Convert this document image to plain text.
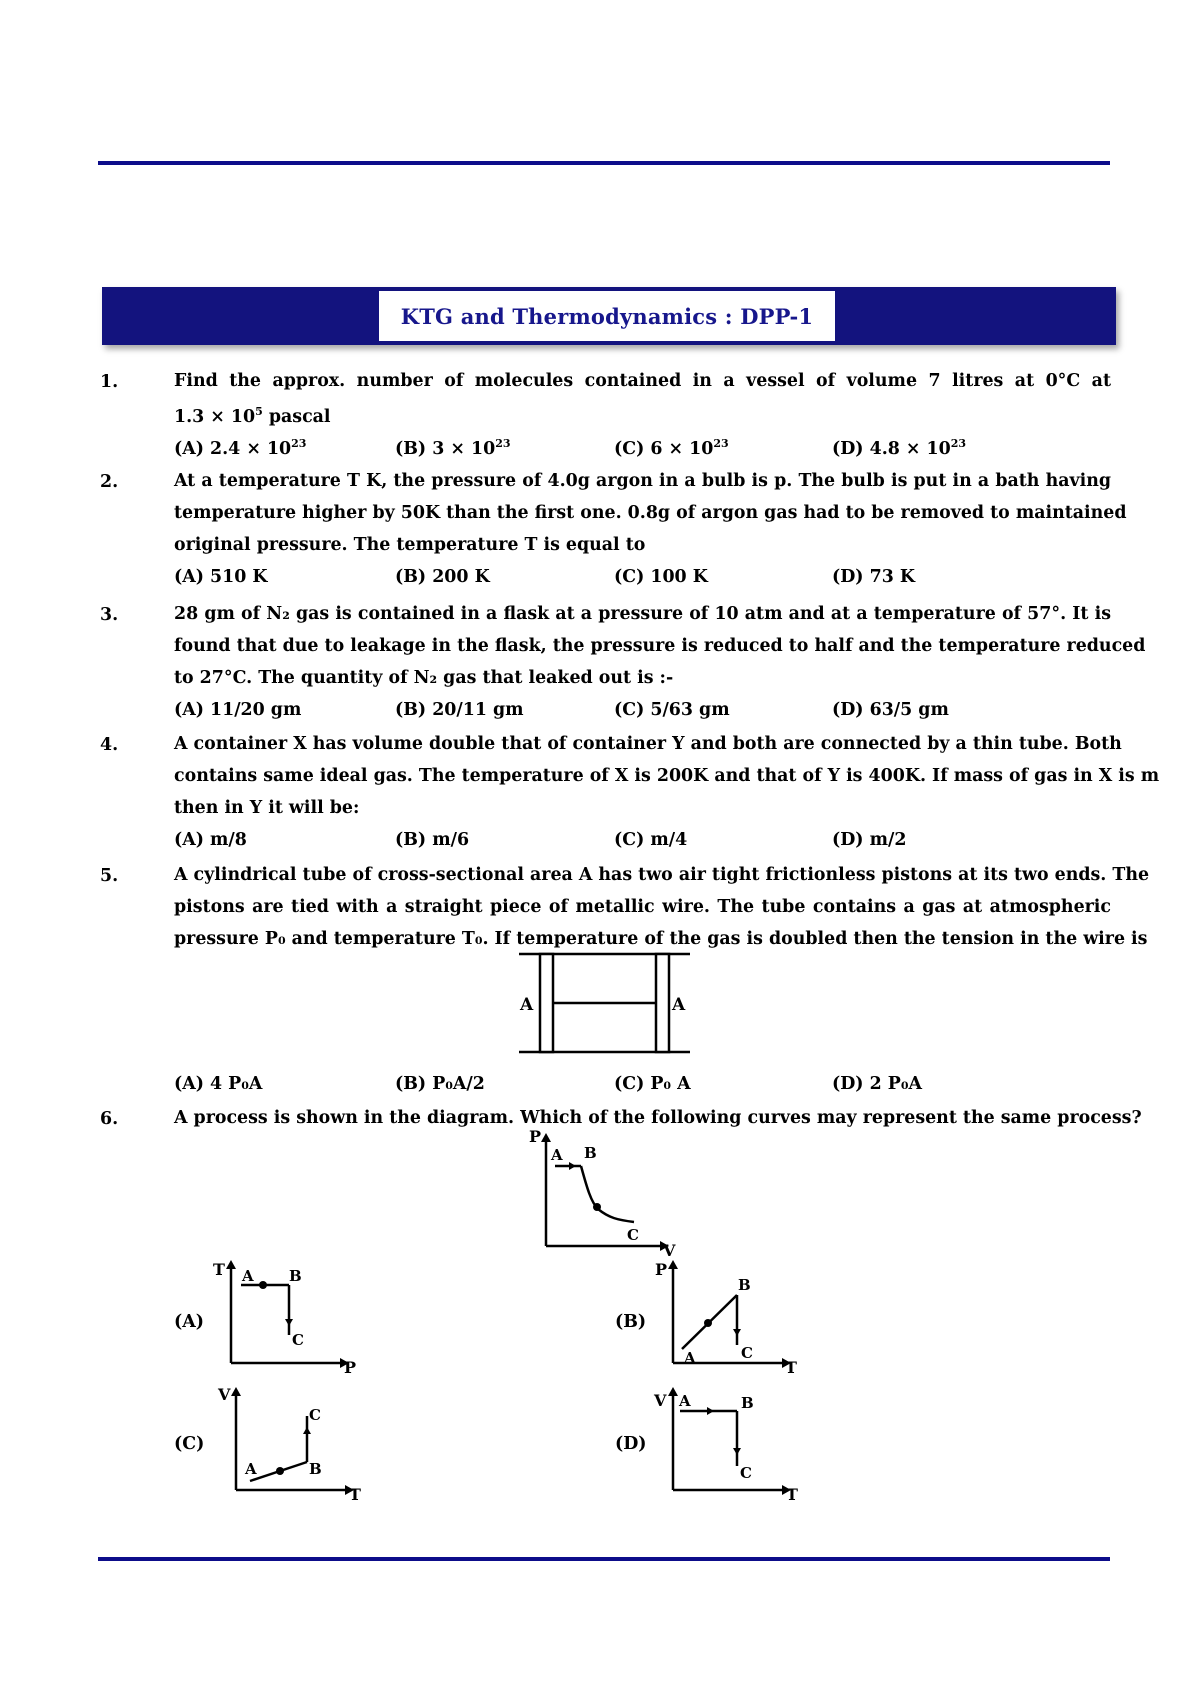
KTG and Thermodynamics : DPP-1
1.	Find the approx. number of molecules contained in a vessel of volume 7 litres at 0°C at
$1.3 \times 10^5$ pascal
(A) $2.4 \times 10^{23}$	(B) $3 \times 10^{23}$	(C) $6 \times 10^{23}$	(D) $4.8 \times 10^{23}$
2.	At a temperature T K, the pressure of 4.0g argon in a bulb is p. The bulb is put in a bath having
temperature higher by 50K than the first one. 0.8g of argon gas had to be removed to maintained
original pressure. The temperature T is equal to
(A) 510 K	(B) 200 K	(C) 100 K	(D) 73 K
3.	28 gm of N₂ gas is contained in a flask at a pressure of 10 atm and at a temperature of 57°. It is
found that due to leakage in the flask, the pressure is reduced to half and the temperature reduced
to 27°C. The quantity of N₂ gas that leaked out is :-
(A) 11/20 gm	(B) 20/11 gm	(C) 5/63 gm	(D) 63/5 gm
4.	A container X has volume double that of container Y and both are connected by a thin tube. Both
contains same ideal gas. The temperature of X is 200K and that of Y is 400K. If mass of gas in X is m
then in Y it will be:
(A) m/8	(B) m/6	(C) m/4	(D) m/2
5.	A cylindrical tube of cross-sectional area A has two air tight frictionless pistons at its two ends. The
pistons are tied with a straight piece of metallic wire. The tube contains a gas at atmospheric
pressure P₀ and temperature T₀. If temperature of the gas is doubled then the tension in the wire is
A	A
(A) 4 P₀A	(B) P₀A/2	(C) P₀ A	(D) 2 P₀A
6.	A process is shown in the diagram. Which of the following curves may represent the same process?
P
V
A B
C
(A)
T
P
A B
C
(B)
P
T
A
B
C
(C)
V
T
A	B
C
(D)
V
T
A	B
C
